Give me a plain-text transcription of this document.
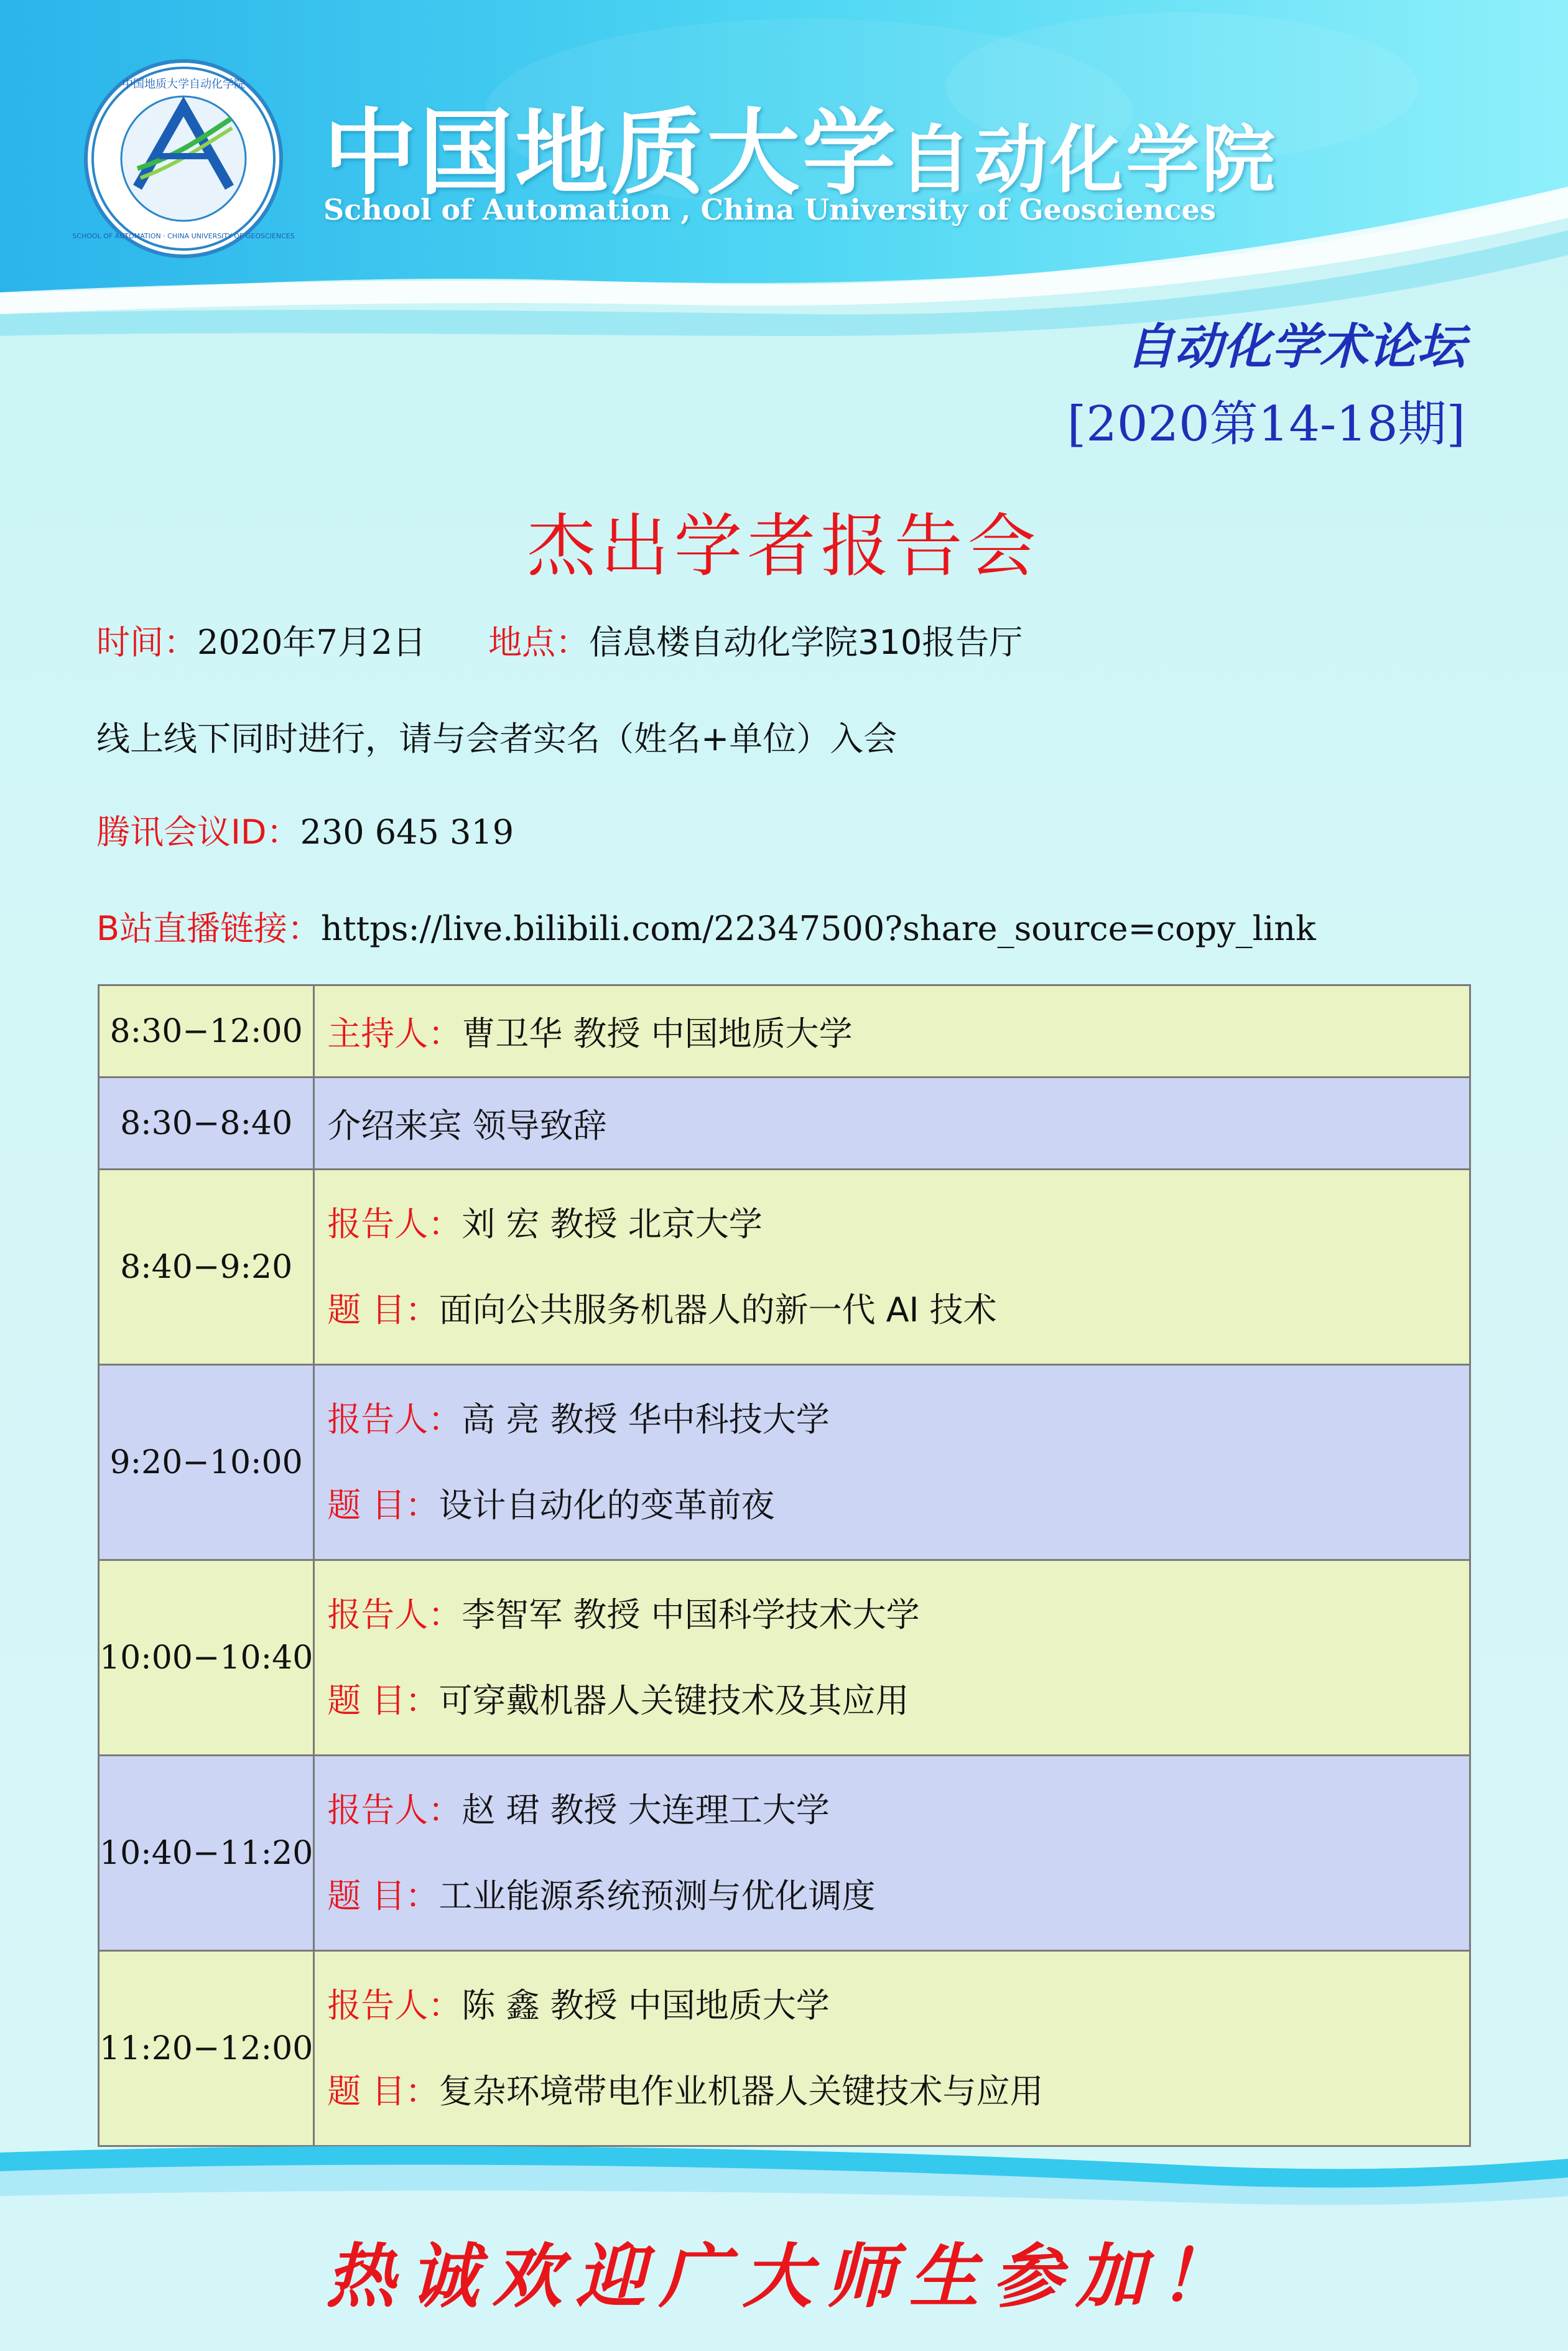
中国地质大学自动化学院
SCHOOL OF AUTOMATION · CHINA UNIVERSITY OF GEOSCIENCES
中国地质大学自动化学院
School of Automation , China University of Geosciences
自动化学术论坛
[2020第14-18期]
杰出学者报告会
时间：2020年7月2日 地点：信息楼自动化学院310报告厅
线上线下同时进行，请与会者实名（姓名+单位）入会
腾讯会议ID：230 645 319
B站直播链接：https://live.bilibili.com/22347500?share_source=copy_link
8:30−12:00	主持人：曹卫华 教授 中国地质大学
8:30−8:40	介绍来宾 领导致辞
8:40−9:20	报告人：刘 宏 教授 北京大学
题 目：面向公共服务机器人的新一代 AI 技术

9:20−10:00	报告人：高 亮 教授 华中科技大学
题 目：设计自动化的变革前夜

10:00−10:40	报告人：李智军 教授 中国科学技术大学
题 目：可穿戴机器人关键技术及其应用

10:40−11:20	报告人：赵 珺 教授 大连理工大学
题 目：工业能源系统预测与优化调度

11:20−12:00	报告人：陈 鑫 教授 中国地质大学
题 目：复杂环境带电作业机器人关键技术与应用
热诚欢迎广大师生参加！
